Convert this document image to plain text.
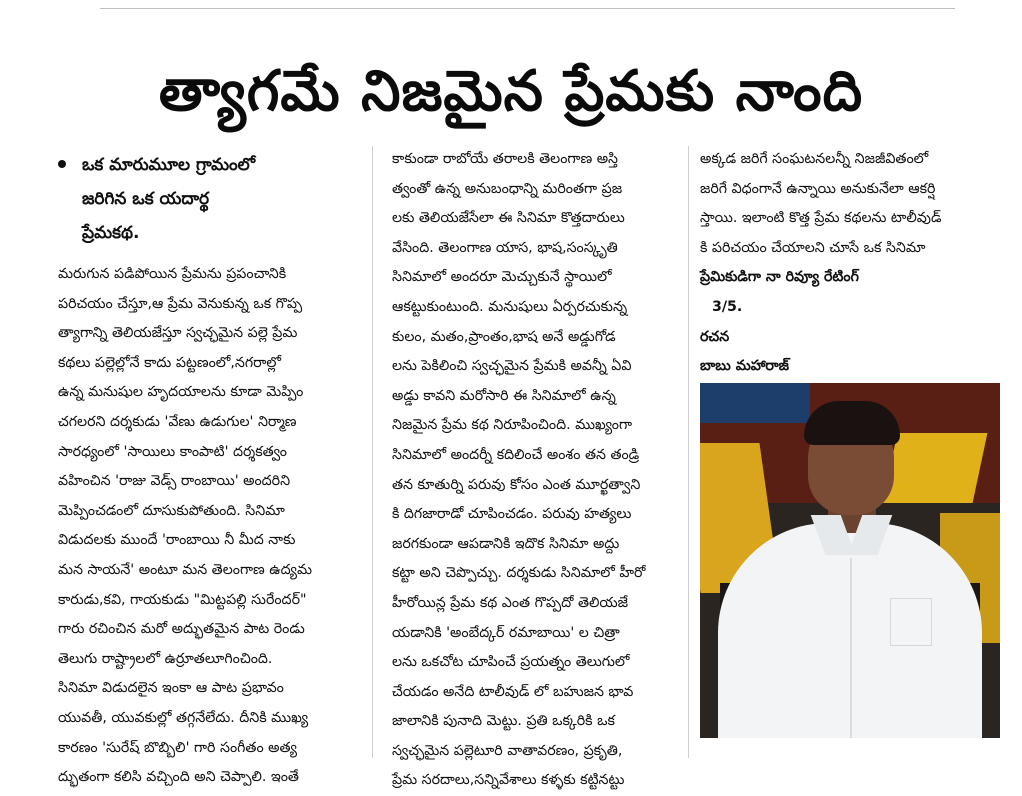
త్యాగమే నిజమైన ప్రేమకు నాంది
ఒక మారుమూల గ్రామంలో
జరిగిన ఒక యదార్థ
ప్రేమకథ.

మరుగున పడిపోయిన ప్రేమను ప్రపంచానికి

పరిచయం చేస్తూ,ఆ ప్రేమ వెనుకున్న ఒక గొప్ప

త్యాగాన్ని తెలియజేస్తూ స్వచ్ఛమైన పల్లె ప్రేమ

కథలు పల్లెల్లోనే కాదు పట్టణంలో,నగరాల్లో

ఉన్న మనుషుల హృదయాలను కూడా మెప్పిం

చగలరని దర్శకుడు 'వేణు ఉడుగుల' నిర్మాణ

సారధ్యంలో 'సాయిలు కాంపాటి' దర్శకత్వం

వహించిన 'రాజు వెడ్స్ రాంబాయి' అందరిని

మెప్పించడంలో దూసుకుపోతుంది. సినిమా

విడుదలకు ముందే 'రాంబాయి నీ మీద నాకు

మన సాయనే' అంటూ మన తెలంగాణ ఉద్యమ

కారుడు,కవి, గాయకుడు "మిట్టపల్లి సురేందర్"

గారు రచించిన మరో అద్భుతమైన పాట రెండు

తెలుగు రాష్ట్రాలలో ఉర్రూతలూగించింది.

సినిమా విడుదలైన ఇంకా ఆ పాట ప్రభావం

యువతీ, యువకుల్లో తగ్గనేలేదు. దీనికి ముఖ్య

కారణం 'సురేష్ బొబ్బిలి' గారి సంగీతం అత్య

ద్భుతంగా కలిసి వచ్చింది అని చెప్పాలి. ఇంతే

కాకుండా రాబోయే తరాలకి తెలంగాణ అస్తి

త్వంతో ఉన్న అనుబంధాన్ని మరింతగా ప్రజ

లకు తెలియజేసేలా ఈ సినిమా కొత్తదారులు

వేసింది. తెలంగాణ యాస, భాష,సంస్కృతి

సినిమాలో అందరూ మెచ్చుకునే స్థాయిలో

ఆకట్టుకుంటుంది. మనుషులు ఏర్పరచుకున్న

కులం, మతం,ప్రాంతం,భాష అనే అడ్డుగోడ

లను పెకిలించి స్వచ్ఛమైన ప్రేమకి అవన్నీ ఏవి

అడ్డు కావని మరోసారి ఈ సినిమాలో ఉన్న

నిజమైన ప్రేమ కథ నిరూపించింది. ముఖ్యంగా

సినిమాలో అందర్నీ కదిలించే అంశం తన తండ్రి

తన కూతుర్ని పరువు కోసం ఎంత మూర్ఖత్వాని

కి దిగజారాడో చూపించడం. పరువు హత్యలు

జరగకుండా ఆపడానికి ఇదొక సినిమా అద్దు

కట్టా అని చెప్పొచ్చు. దర్శకుడు సినిమాలో హీరో

హీరోయిన్ల ప్రేమ కథ ఎంత గొప్పదో తెలియజే

యడానికి 'అంబేద్కర్ రమాబాయి' ల చిత్రా

లను ఒకచోట చూపించే ప్రయత్నం తెలుగులో

చేయడం అనేది టాలీవుడ్ లో బహుజన భావ

జాలానికి పునాది మెట్టు. ప్రతి ఒక్కరికి ఒక

స్వచ్ఛమైన పల్లెటూరి వాతావరణం, ప్రకృతి,

ప్రేమ సరదాలు,సన్నివేశాలు కళ్ళకు కట్టినట్టు

అక్కడ జరిగే సంఘటనలన్నీ నిజజీవితంలో

జరిగే విధంగానే ఉన్నాయి అనుకునేలా ఆకర్షి

స్తాయి. ఇలాంటి కొత్త ప్రేమ కథలను టాలీవుడ్

కి పరిచయం చేయాలని చూసే ఒక సినిమా

ప్రేమికుడిగా నా రివ్యూ రేటింగ్

3/5.

రచన

బాబు మహారాజ్
